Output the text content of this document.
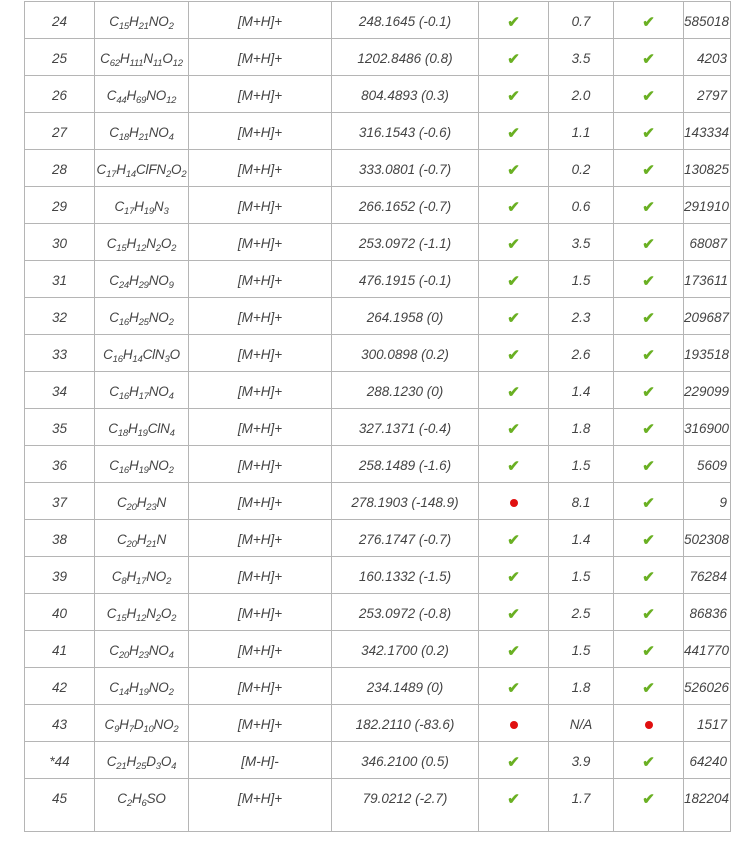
24	$C_{15}H_{21}NO_2$	[M+H]+	248.1645 (-0.1)	✔	0.7	✔	585018

25	$C_{62}H_{111}N_{11}O_{12}$	[M+H]+	1202.8486 (0.8)	✔	3.5	✔	4203

26	$C_{44}H_{69}NO_{12}$	[M+H]+	804.4893 (0.3)	✔	2.0	✔	2797

27	$C_{18}H_{21}NO_4$	[M+H]+	316.1543 (-0.6)	✔	1.1	✔	143334

28	$C_{17}H_{14}ClFN_2O_2$	[M+H]+	333.0801 (-0.7)	✔	0.2	✔	130825

29	$C_{17}H_{19}N_3$	[M+H]+	266.1652 (-0.7)	✔	0.6	✔	291910

30	$C_{15}H_{12}N_2O_2$	[M+H]+	253.0972 (-1.1)	✔	3.5	✔	68087

31	$C_{24}H_{29}NO_9$	[M+H]+	476.1915 (-0.1)	✔	1.5	✔	173611

32	$C_{16}H_{25}NO_2$	[M+H]+	264.1958 (0)	✔	2.3	✔	209687

33	$C_{16}H_{14}ClN_3O$	[M+H]+	300.0898 (0.2)	✔	2.6	✔	193518

34	$C_{16}H_{17}NO_4$	[M+H]+	288.1230 (0)	✔	1.4	✔	229099

35	$C_{18}H_{19}ClN_4$	[M+H]+	327.1371 (-0.4)	✔	1.8	✔	316900

36	$C_{16}H_{19}NO_2$	[M+H]+	258.1489 (-1.6)	✔	1.5	✔	5609

37	$C_{20}H_{23}N$	[M+H]+	278.1903 (-148.9)		8.1	✔	9

38	$C_{20}H_{21}N$	[M+H]+	276.1747 (-0.7)	✔	1.4	✔	502308

39	$C_8H_{17}NO_2$	[M+H]+	160.1332 (-1.5)	✔	1.5	✔	76284

40	$C_{15}H_{12}N_2O_2$	[M+H]+	253.0972 (-0.8)	✔	2.5	✔	86836

41	$C_{20}H_{23}NO_4$	[M+H]+	342.1700 (0.2)	✔	1.5	✔	441770

42	$C_{14}H_{19}NO_2$	[M+H]+	234.1489 (0)	✔	1.8	✔	526026

43	$C_9H_7D_{10}NO_2$	[M+H]+	182.2110 (-83.6)		N/A		1517

*44	$C_{21}H_{25}D_3O_4$	[M-H]-	346.2100 (0.5)	✔	3.9	✔	64240

45	$C_2H_6SO$	[M+H]+	79.0212 (-2.7)	✔	1.7	✔	182204
